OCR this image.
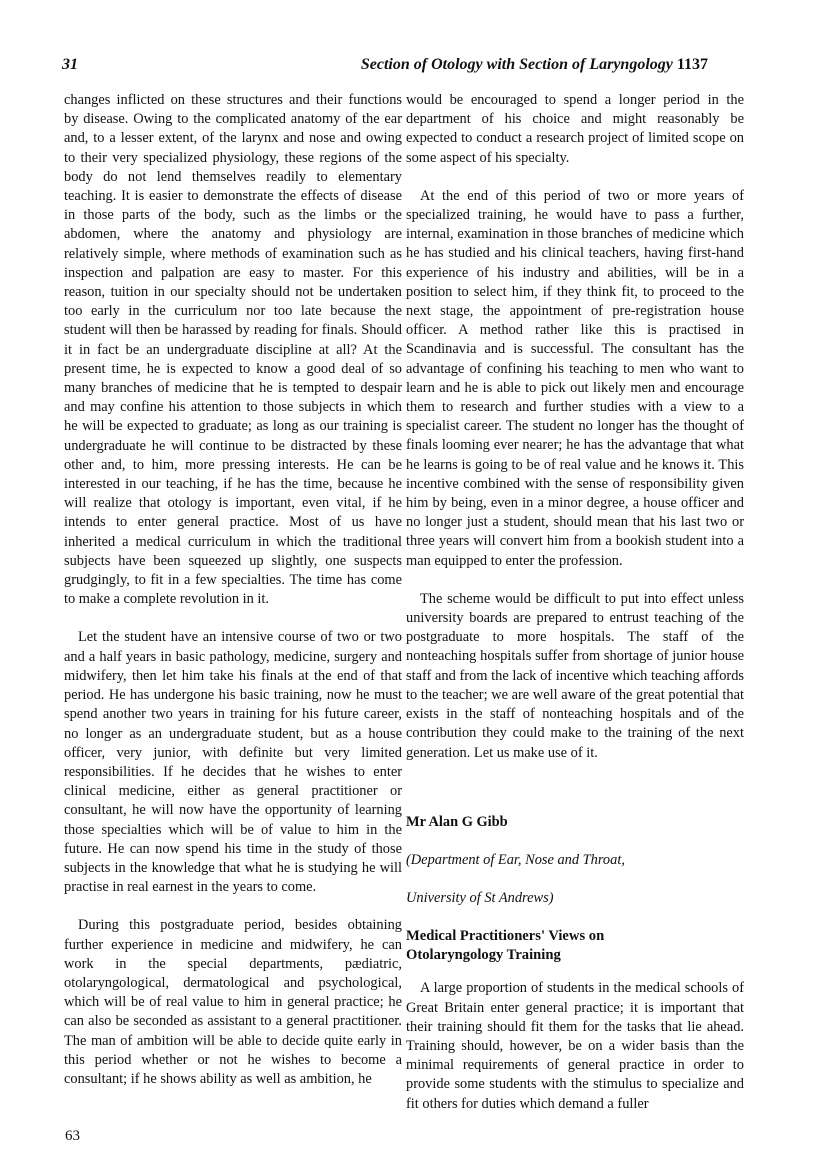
31	Section of Otology with Section of Laryngology 1137

changes inflicted on these structures and their functions by disease. Owing to the complicated anatomy of the ear and, to a lesser extent, of the larynx and nose and owing to their very specialized physiology, these regions of the body do not lend themselves readily to elementary teaching. It is easier to demonstrate the effects of disease in those parts of the body, such as the limbs or the abdomen, where the anatomy and physiology are relatively simple, where methods of examination such as inspection and palpation are easy to master. For this reason, tuition in our specialty should not be undertaken too early in the curriculum nor too late because the student will then be harassed by reading for finals. Should it in fact be an undergraduate discipline at all? At the present time, he is expected to know a good deal of so many branches of medicine that he is tempted to despair and may confine his attention to those subjects in which he will be expected to graduate; as long as our training is undergraduate he will continue to be distracted by these other and, to him, more pressing interests. He can be interested in our teaching, if he has the time, because he will realize that otology is important, even vital, if he intends to enter general practice. Most of us have inherited a medical curriculum in which the traditional subjects have been squeezed up slightly, one suspects grudgingly, to fit in a few specialties. The time has come to make a complete revolution in it.

Let the student have an intensive course of two or two and a half years in basic pathology, medicine, surgery and midwifery, then let him take his finals at the end of that period. He has undergone his basic training, now he must spend another two years in training for his future career, no longer as an undergraduate student, but as a house officer, very junior, with definite but very limited responsibilities. If he decides that he wishes to enter clinical medicine, either as general practitioner or consultant, he will now have the opportunity of learning those specialties which will be of value to him in the future. He can now spend his time in the study of those subjects in the knowledge that what he is studying he will practise in real earnest in the years to come.

During this postgraduate period, besides obtaining further experience in medicine and midwifery, he can work in the special departments, pædiatric, otolaryngological, dermatological and psychological, which will be of real value to him in general practice; he can also be seconded as assistant to a general practitioner. The man of ambition will be able to decide quite early in this period whether or not he wishes to become a consultant; if he shows ability as well as ambition, he

would be encouraged to spend a longer period in the department of his choice and might reasonably be expected to conduct a research project of limited scope on some aspect of his specialty.

At the end of this period of two or more years of specialized training, he would have to pass a further, internal, examination in those branches of medicine which he has studied and his clinical teachers, having first-hand experience of his industry and abilities, will be in a position to select him, if they think fit, to proceed to the next stage, the appointment of pre-registration house officer. A method rather like this is practised in Scandinavia and is successful. The consultant has the advantage of confining his teaching to men who want to learn and he is able to pick out likely men and encourage them to research and further studies with a view to a specialist career. The student no longer has the thought of finals looming ever nearer; he has the advantage that what he learns is going to be of real value and he knows it. This incentive combined with the sense of responsibility given him by being, even in a minor degree, a house officer and no longer just a student, should mean that his last two or three years will convert him from a bookish student into a man equipped to enter the profession.

The scheme would be difficult to put into effect unless university boards are prepared to entrust teaching of the postgraduate to more hospitals. The staff of the nonteaching hospitals suffer from shortage of junior house staff and from the lack of incentive which teaching affords to the teacher; we are well aware of the great potential that exists in the staff of nonteaching hospitals and of the contribution they could make to the training of the next generation. Let us make use of it.

Mr Alan G Gibb

(Department of Ear, Nose and Throat,

University of St Andrews)

Medical Practitioners' Views on
Otolaryngology Training

A large proportion of students in the medical schools of Great Britain enter general practice; it is important that their training should fit them for the tasks that lie ahead. Training should, however, be on a wider basis than the minimal requirements of general practice in order to provide some students with the stimulus to specialize and fit others for duties which demand a fuller

63
